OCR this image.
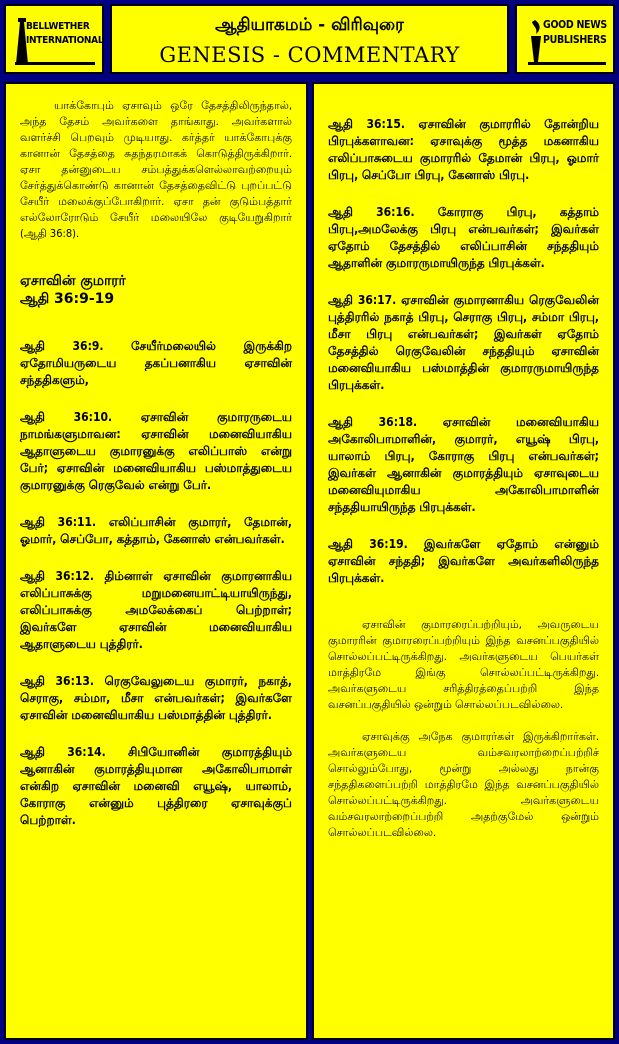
BELLWETHER
INTERNATIONAL
ஆதியாகமம் - விரிவுரை
GENESIS - COMMENTARY
GOOD NEWS
PUBLISHERS

யாக்கோபும் ஏசாவும் ஒரே தேசத்திலிருந்தால், அந்த தேசம் அவர்களை தாங்காது. அவர்களால் வளர்ச்சி பெறவும் முடியாது. கர்த்தர் யாக்கோபுக்கு கானான் தேசத்தை சுதந்தரமாகக் கொடுத்திருக்கிறார். ஏசா தன்னுடைய சம்பத்துக்களெல்லாவற்றையும் சேர்த்துக்கொண்டு கானான் தேசத்தைவிட்டு புறப்பட்டு சேயீர் மலைக்குப்போகிறார். ஏசா தன் குடும்பத்தார் எல்லோரோடும் சேயீர் மலையிலே குடியேறுகிறார் (ஆதி 36:8).

ஏசாவின் குமாரர்
ஆதி 36:9-19

ஆதி 36:9. சேயீர்மலையில் இருக்கிற ஏதோமியருடைய தகப்பனாகிய ஏசாவின் சந்ததிகளும்,

ஆதி 36:10. ஏசாவின் குமாரருடைய நாமங்களுமாவன: ஏசாவின் மனைவியாகிய ஆதாளுடைய குமாரனுக்கு எலிப்பாஸ் என்று பேர்; ஏசாவின் மனைவியாகிய பஸ்மாத்துடைய குமாரனுக்கு ரெகுவேல் என்று பேர்.

ஆதி 36:11. எலிப்பாசின் குமாரர், தேமான், ஓமார், செப்போ, கத்தாம், கேனாஸ் என்பவர்கள்.

ஆதி 36:12. திம்னாள் ஏசாவின் குமாரனாகிய எலிப்பாசுக்கு மறுமனையாட்டியாயிருந்து, எலிப்பாசுக்கு அமலேக்கைப் பெற்றாள்; இவர்களே ஏசாவின் மனைவியாகிய ஆதாளுடைய புத்திரர்.

ஆதி 36:13. ரெகுவேலுடைய குமாரர், நகாத், செராகு, சம்மா, மீசா என்பவர்கள்; இவர்களே ஏசாவின் மனைவியாகிய பஸ்மாத்தின் புத்திரர்.

ஆதி 36:14. சிபியோனின் குமாரத்தியும் ஆனாகின் குமாரத்தியுமான அகோலிபாமாள் என்கிற ஏசாவின் மனைவி எயூஷ், யாலாம், கோராகு என்னும் புத்திரரை ஏசாவுக்குப் பெற்றாள்.

ஆதி 36:15. ஏசாவின் குமாரரில் தோன்றிய பிரபுக்களாவன: ஏசாவுக்கு மூத்த மகனாகிய எலிப்பாசுடைய குமாரரில் தேமான் பிரபு, ஓமார் பிரபு, செப்போ பிரபு, கேனாஸ் பிரபு.

ஆதி 36:16. கோராகு பிரபு, கத்தாம் பிரபு,அமலேக்கு பிரபு என்பவர்கள்; இவர்கள் ஏதோம் தேசத்தில் எலிப்பாசின் சந்ததியும் ஆதாளின் குமாரருமாயிருந்த பிரபுக்கள்.

ஆதி 36:17. ஏசாவின் குமாரனாகிய ரெகுவேலின் புத்திரரில் நகாத் பிரபு, செராகு பிரபு, சம்மா பிரபு, மீசா பிரபு என்பவர்கள்; இவர்கள் ஏதோம் தேசத்தில் ரெகுவேலின் சந்ததியும் ஏசாவின் மனைவியாகிய பஸ்மாத்தின் குமாரருமாயிருந்த பிரபுக்கள்.

ஆதி 36:18. ஏசாவின் மனைவியாகிய அகோலிபாமாளின், குமாரர், எயூஷ் பிரபு, யாலாம் பிரபு, கோராகு பிரபு என்பவர்கள்; இவர்கள் ஆனாகின் குமாரத்தியும் ஏசாவுடைய மனைவியுமாகிய அகோலிபாமாளின் சந்ததியாயிருந்த பிரபுக்கள்.

ஆதி 36:19. இவர்களே ஏதோம் என்னும் ஏசாவின் சந்ததி; இவர்களே அவர்களிலிருந்த பிரபுக்கள்.

ஏசாவின் குமாரரைப்பற்றியும், அவருடைய குமாரரின் குமாரரைப்பற்றியும் இந்த வசனப்பகுதியில் சொல்லப்பட்டிருக்கிறது. அவர்களுடைய பெயர்கள் மாத்திரமே இங்கு சொல்லப்பட்டிருக்கிறது. அவர்களுடைய சரித்திரத்தைப்பற்றி இந்த வசனப்பகுதியில் ஒன்றும் சொல்லப்படவில்லை.

ஏசாவுக்கு அநேக குமாரர்கள் இருக்கிறார்கள். அவர்களுடைய வம்சவரலாற்றைப்பற்றிச் சொல்லும்போது, மூன்று அல்லது நான்கு சந்ததிகளைப்பற்றி மாத்திரமே இந்த வசனப்பகுதியில் சொல்லப்பட்டிருக்கிறது. அவர்களுடைய வம்சவரலாற்றைப்பற்றி அதற்குமேல் ஒன்றும் சொல்லப்படவில்லை.
